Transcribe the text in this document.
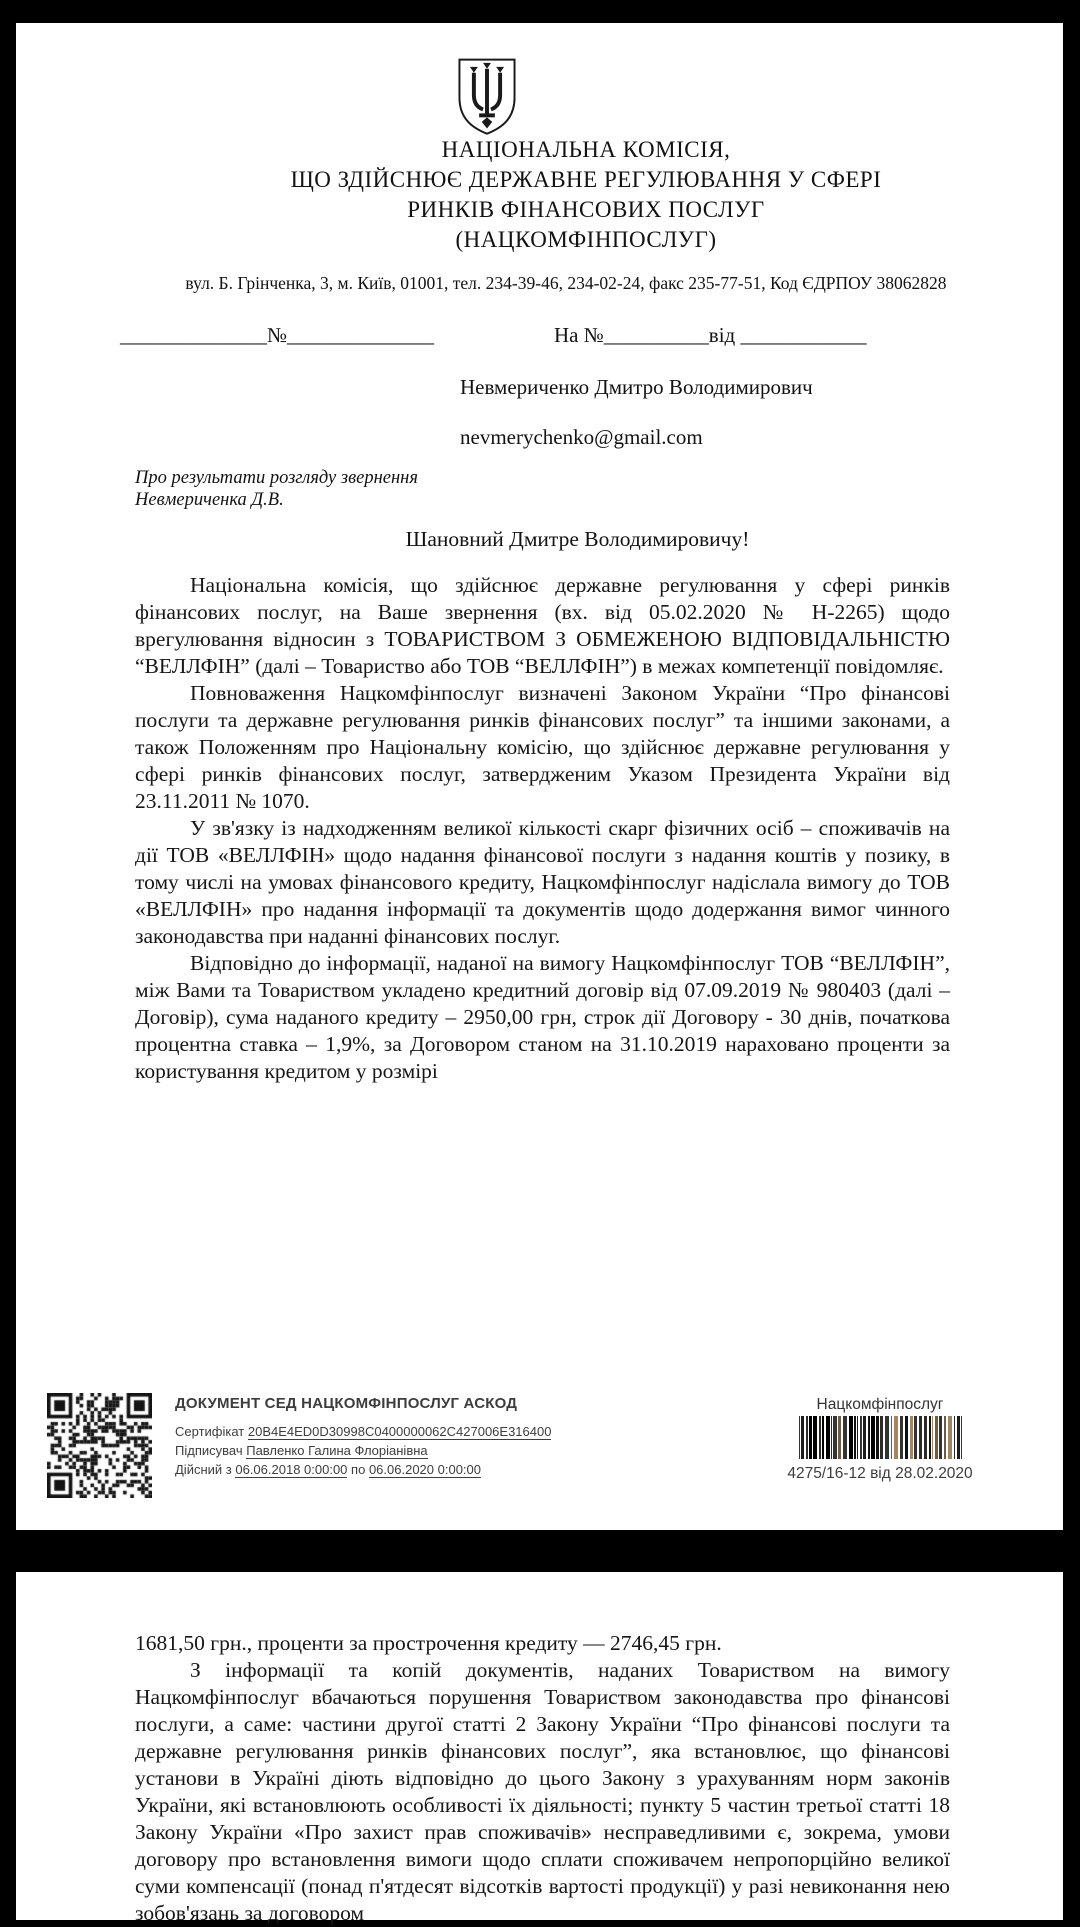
НАЦІОНАЛЬНА КОМІСІЯ,
ЩО ЗДІЙСНЮЄ ДЕРЖАВНЕ РЕГУЛЮВАННЯ У СФЕРІ
РИНКІВ ФІНАНСОВИХ ПОСЛУГ
(НАЦКОМФІНПОСЛУГ)
вул. Б. Грінченка, 3, м. Київ, 01001, тел. 234-39-46, 234-02-24, факс 235-77-51, Код ЄДРПОУ 38062828
______________№______________	На №__________від ____________
Невмериченко Дмитро Володимирович
nevmerychenko@gmail.com
Про результати розгляду звернення
Невмериченка Д.В.
Шановний Дмитре Володимировичу!

Національна комісія, що здійснює державне регулювання у сфері ринків фінансових послуг, на Ваше звернення (вх. від 05.02.2020 № Н-2265) щодо врегулювання відносин з ТОВАРИСТВОМ З ОБМЕЖЕНОЮ ВІДПОВІДАЛЬНІСТЮ “ВЕЛЛФІН” (далі – Товариство або ТОВ “ВЕЛЛФІН”) в межах компетенції повідомляє.

Повноваження Нацкомфінпослуг визначені Законом України “Про фінансові послуги та державне регулювання ринків фінансових послуг” та іншими законами, а також Положенням про Національну комісію, що здійснює державне регулювання у сфері ринків фінансових послуг, затвердженим Указом Президента України від 23.11.2011 № 1070.

У зв'язку із надходженням великої кількості скарг фізичних осіб – споживачів на дії ТОВ «ВЕЛЛФІН» щодо надання фінансової послуги з надання коштів у позику, в тому числі на умовах фінансового кредиту, Нацкомфінпослуг надіслала вимогу до ТОВ «ВЕЛЛФІН» про надання інформації та документів щодо додержання вимог чинного законодавства при наданні фінансових послуг.

Відповідно до інформації, наданої на вимогу Нацкомфінпослуг ТОВ “ВЕЛЛФІН”, між Вами та Товариством укладено кредитний договір від 07.09.2019 № 980403 (далі – Договір), сума наданого кредиту – 2950,00 грн, строк дії Договору - 30 днів, початкова процентна ставка – 1,9%, за Договором станом на 31.10.2019 нараховано проценти за користування кредитом у розмірі

ДОКУМЕНТ СЕД НАЦКОМФІНПОСЛУГ АСКОД
Сертифікат 20B4E4ED0D30998C0400000062C427006E316400
Підписувач Павленко Галина Флоріанівна
Дійсний з 06.06.2018 0:00:00 по 06.06.2020 0:00:00
Нацкомфінпослуг
4275/16-12 від 28.02.2020

1681,50 грн., проценти за прострочення кредиту — 2746,45 грн.

З інформації та копій документів, наданих Товариством на вимогу Нацкомфінпослуг вбачаються порушення Товариством законодавства про фінансові послуги, а саме: частини другої статті 2 Закону України “Про фінансові послуги та державне регулювання ринків фінансових послуг”, яка встановлює, що фінансові установи в Україні діють відповідно до цього Закону з урахуванням норм законів України, які встановлюють особливості їх діяльності; пункту 5 частин третьої статті 18 Закону України «Про захист прав споживачів» несправедливими є, зокрема, умови договору про встановлення вимоги щодо сплати споживачем непропорційно великої суми компенсації (понад п'ятдесят відсотків вартості продукції) у разі невиконання нею зобов'язань за договором
